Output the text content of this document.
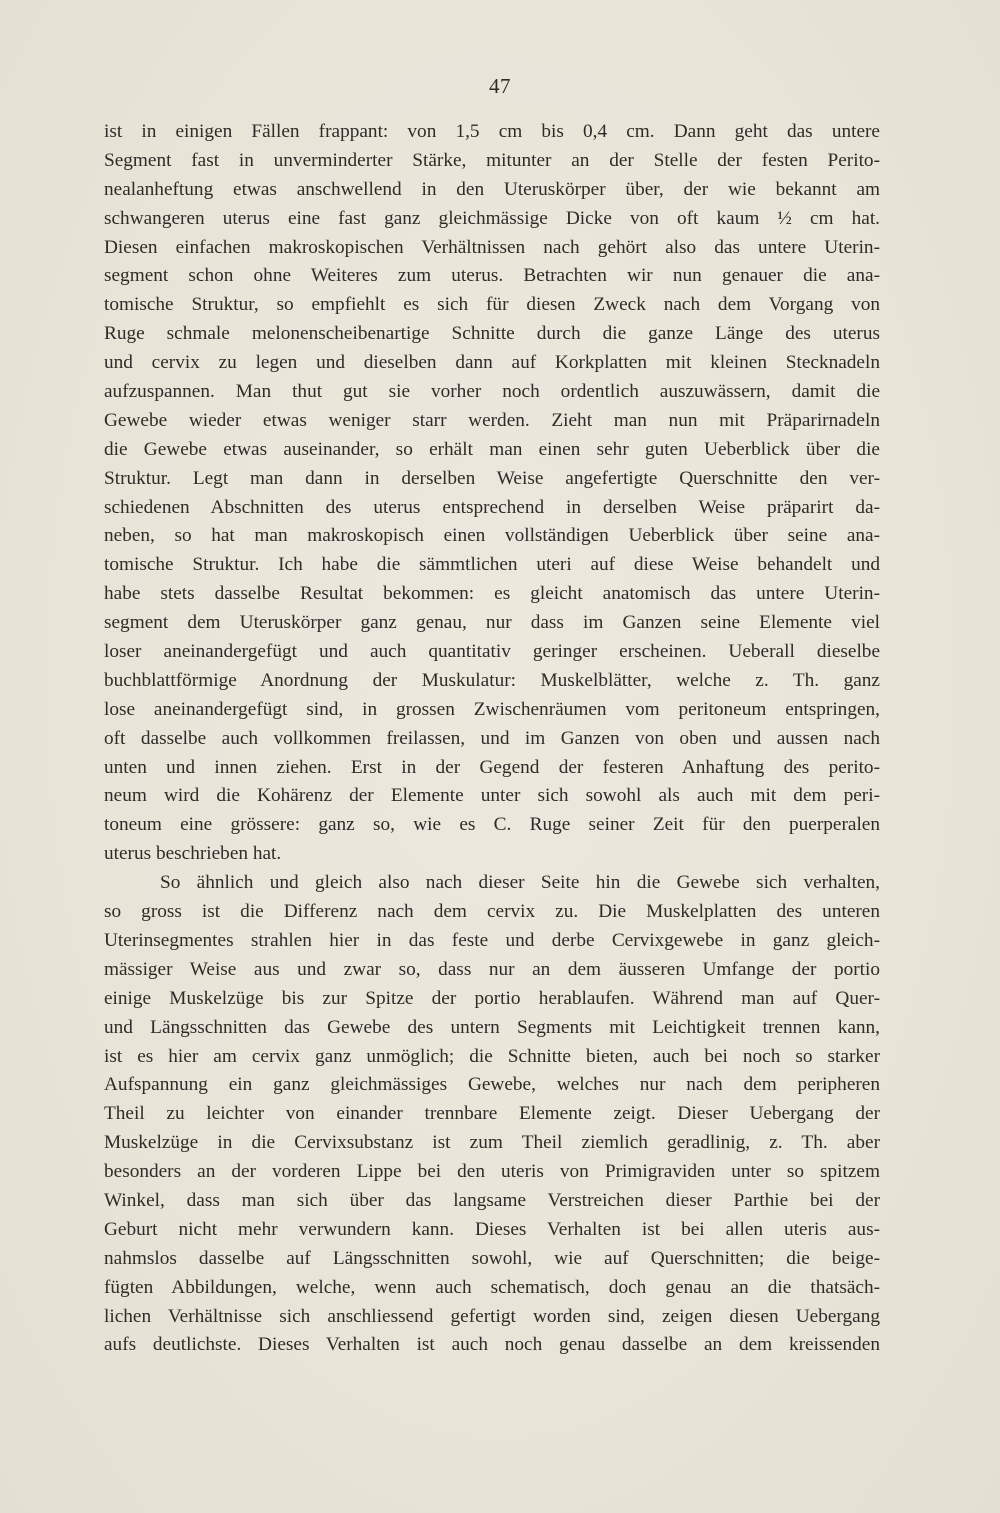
47
ist in einigen Fällen frappant: von 1,5 cm bis 0,4 cm. Dann geht das untere
Segment fast in unverminderter Stärke, mitunter an der Stelle der festen Perito-
nealanheftung etwas anschwellend in den Uteruskörper über, der wie bekannt am
schwangeren uterus eine fast ganz gleichmässige Dicke von oft kaum ½ cm hat.
Diesen einfachen makroskopischen Verhältnissen nach gehört also das untere Uterin-
segment schon ohne Weiteres zum uterus. Betrachten wir nun genauer die ana-
tomische Struktur, so empfiehlt es sich für diesen Zweck nach dem Vorgang von
Ruge schmale melonenscheibenartige Schnitte durch die ganze Länge des uterus
und cervix zu legen und dieselben dann auf Korkplatten mit kleinen Stecknadeln
aufzuspannen. Man thut gut sie vorher noch ordentlich auszuwässern, damit die
Gewebe wieder etwas weniger starr werden. Zieht man nun mit Präparirnadeln
die Gewebe etwas auseinander, so erhält man einen sehr guten Ueberblick über die
Struktur. Legt man dann in derselben Weise angefertigte Querschnitte den ver-
schiedenen Abschnitten des uterus entsprechend in derselben Weise präparirt da-
neben, so hat man makroskopisch einen vollständigen Ueberblick über seine ana-
tomische Struktur. Ich habe die sämmtlichen uteri auf diese Weise behandelt und
habe stets dasselbe Resultat bekommen: es gleicht anatomisch das untere Uterin-
segment dem Uteruskörper ganz genau, nur dass im Ganzen seine Elemente viel
loser aneinandergefügt und auch quantitativ geringer erscheinen. Ueberall dieselbe
buchblattförmige Anordnung der Muskulatur: Muskelblätter, welche z. Th. ganz
lose aneinandergefügt sind, in grossen Zwischenräumen vom peritoneum entspringen,
oft dasselbe auch vollkommen freilassen, und im Ganzen von oben und aussen nach
unten und innen ziehen. Erst in der Gegend der festeren Anhaftung des perito-
neum wird die Kohärenz der Elemente unter sich sowohl als auch mit dem peri-
toneum eine grössere: ganz so, wie es C. Ruge seiner Zeit für den puerperalen
uterus beschrieben hat.
So ähnlich und gleich also nach dieser Seite hin die Gewebe sich verhalten,
so gross ist die Differenz nach dem cervix zu. Die Muskelplatten des unteren
Uterinsegmentes strahlen hier in das feste und derbe Cervixgewebe in ganz gleich-
mässiger Weise aus und zwar so, dass nur an dem äusseren Umfange der portio
einige Muskelzüge bis zur Spitze der portio herablaufen. Während man auf Quer-
und Längsschnitten das Gewebe des untern Segments mit Leichtigkeit trennen kann,
ist es hier am cervix ganz unmöglich; die Schnitte bieten, auch bei noch so starker
Aufspannung ein ganz gleichmässiges Gewebe, welches nur nach dem peripheren
Theil zu leichter von einander trennbare Elemente zeigt. Dieser Uebergang der
Muskelzüge in die Cervixsubstanz ist zum Theil ziemlich geradlinig, z. Th. aber
besonders an der vorderen Lippe bei den uteris von Primigraviden unter so spitzem
Winkel, dass man sich über das langsame Verstreichen dieser Parthie bei der
Geburt nicht mehr verwundern kann. Dieses Verhalten ist bei allen uteris aus-
nahmslos dasselbe auf Längsschnitten sowohl, wie auf Querschnitten; die beige-
fügten Abbildungen, welche, wenn auch schematisch, doch genau an die thatsäch-
lichen Verhältnisse sich anschliessend gefertigt worden sind, zeigen diesen Uebergang
aufs deutlichste. Dieses Verhalten ist auch noch genau dasselbe an dem kreissenden
